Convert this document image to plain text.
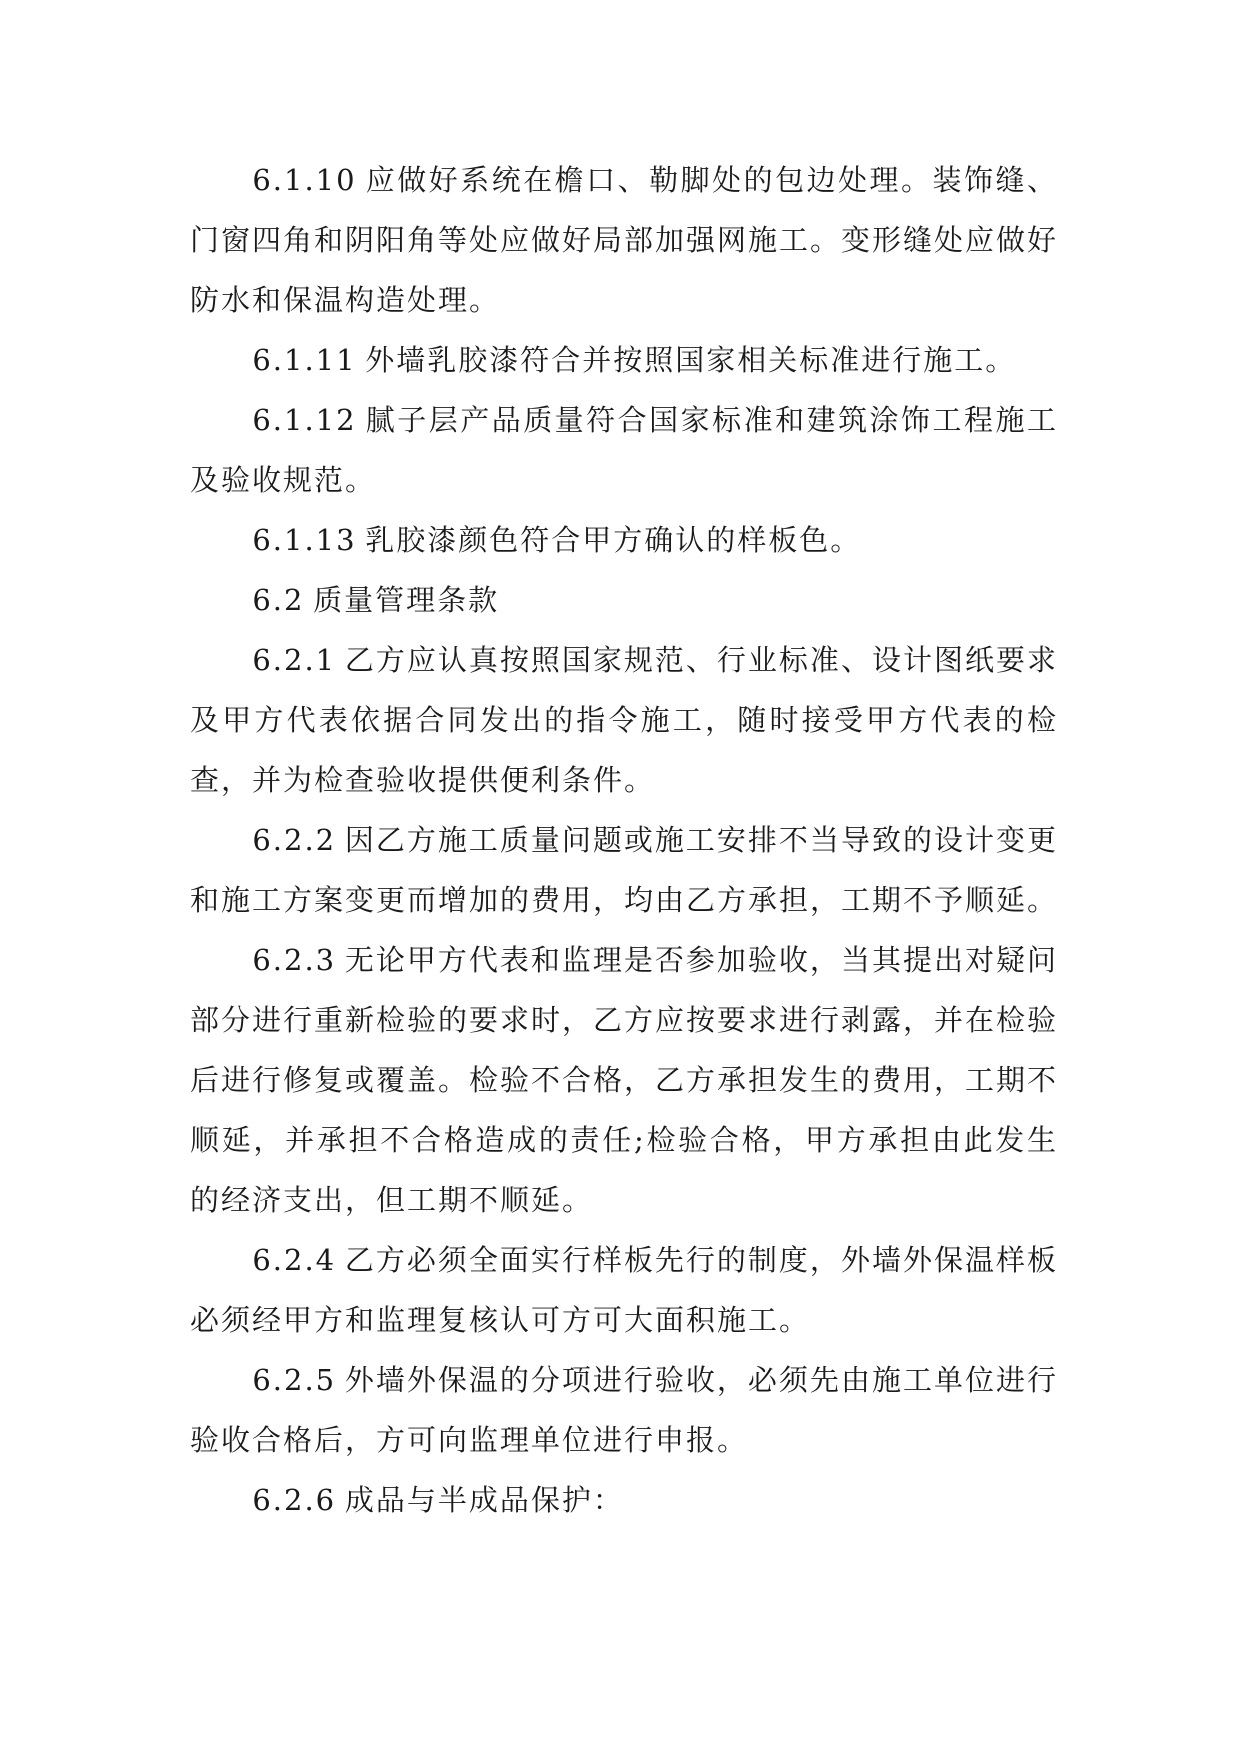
6.1.10 应做好系统在檐口、勒脚处的包边处理。装饰缝、门窗四角和阴阳角等处应做好局部加强网施工。变形缝处应做好防水和保温构造处理。

6.1.11 外墙乳胶漆符合并按照国家相关标准进行施工。

6.1.12 腻子层产品质量符合国家标准和建筑涂饰工程施工及验收规范。

6.1.13 乳胶漆颜色符合甲方确认的样板色。

6.2 质量管理条款

6.2.1 乙方应认真按照国家规范、行业标准、设计图纸要求及甲方代表依据合同发出的指令施工，随时接受甲方代表的检查，并为检查验收提供便利条件。

6.2.2 因乙方施工质量问题或施工安排不当导致的设计变更和施工方案变更而增加的费用，均由乙方承担，工期不予顺延。

6.2.3 无论甲方代表和监理是否参加验收，当其提出对疑问部分进行重新检验的要求时，乙方应按要求进行剥露，并在检验后进行修复或覆盖。检验不合格，乙方承担发生的费用，工期不顺延，并承担不合格造成的责任;检验合格，甲方承担由此发生的经济支出，但工期不顺延。

6.2.4 乙方必须全面实行样板先行的制度，外墙外保温样板必须经甲方和监理复核认可方可大面积施工。

6.2.5 外墙外保温的分项进行验收，必须先由施工单位进行验收合格后，方可向监理单位进行申报。

6.2.6 成品与半成品保护：
